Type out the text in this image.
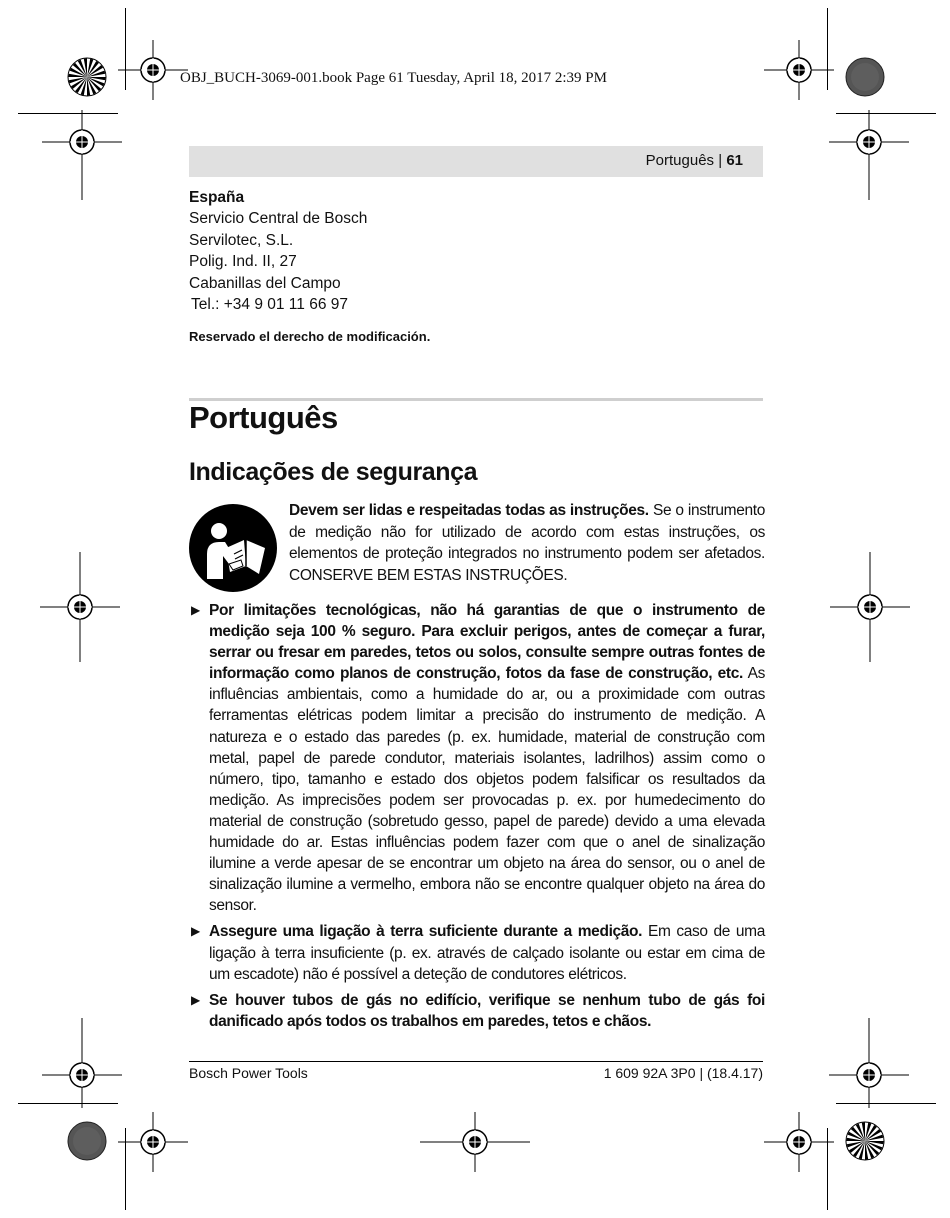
OBJ_BUCH-3069-001.book Page 61 Tuesday, April 18, 2017 2:39 PM
Português | 61
España
Servicio Central de Bosch
Servilotec, S.L.
Polig. Ind. II, 27
Cabanillas del Campo
Tel.: +34 9 01 11 66 97
Reservado el derecho de modificación.
Português
Indicações de segurança
Devem ser lidas e respeitadas todas as instruções. Se o instrumento de medição não for utilizado de acordo com estas instruções, os elementos de proteção integrados no instrumento podem ser afetados. CONSERVE BEM ESTAS INSTRUÇÕES.
▶ Por limitações tecnológicas, não há garantias de que o instrumento de medição seja 100 % seguro. Para excluir perigos, antes de começar a furar, serrar ou fresar em paredes, tetos ou solos, consulte sempre outras fontes de informação como planos de construção, fotos da fase de construção, etc. As influências ambientais, como a humidade do ar, ou a proximidade com outras ferramentas elétricas podem limitar a precisão do instrumento de medição. A natureza e o estado das paredes (p. ex. humidade, material de construção com metal, papel de parede condutor, materiais isolantes, ladrilhos) assim como o número, tipo, tamanho e estado dos objetos podem falsificar os resultados da medição. As imprecisões podem ser provocadas p. ex. por humedecimento do material de construção (sobretudo gesso, papel de parede) devido a uma elevada humidade do ar. Estas influências podem fazer com que o anel de sinalização ilumine a verde apesar de se encontrar um objeto na área do sensor, ou o anel de sinalização ilumine a vermelho, embora não se encontre qualquer objeto na área do sensor.
▶ Assegure uma ligação à terra suficiente durante a medição. Em caso de uma ligação à terra insuficiente (p. ex. através de calçado isolante ou estar em cima de um escadote) não é possível a deteção de condutores elétricos.
▶ Se houver tubos de gás no edifício, verifique se nenhum tubo de gás foi danificado após todos os trabalhos em paredes, tetos e chãos.
Bosch Power Tools	1 609 92A 3P0 | (18.4.17)
